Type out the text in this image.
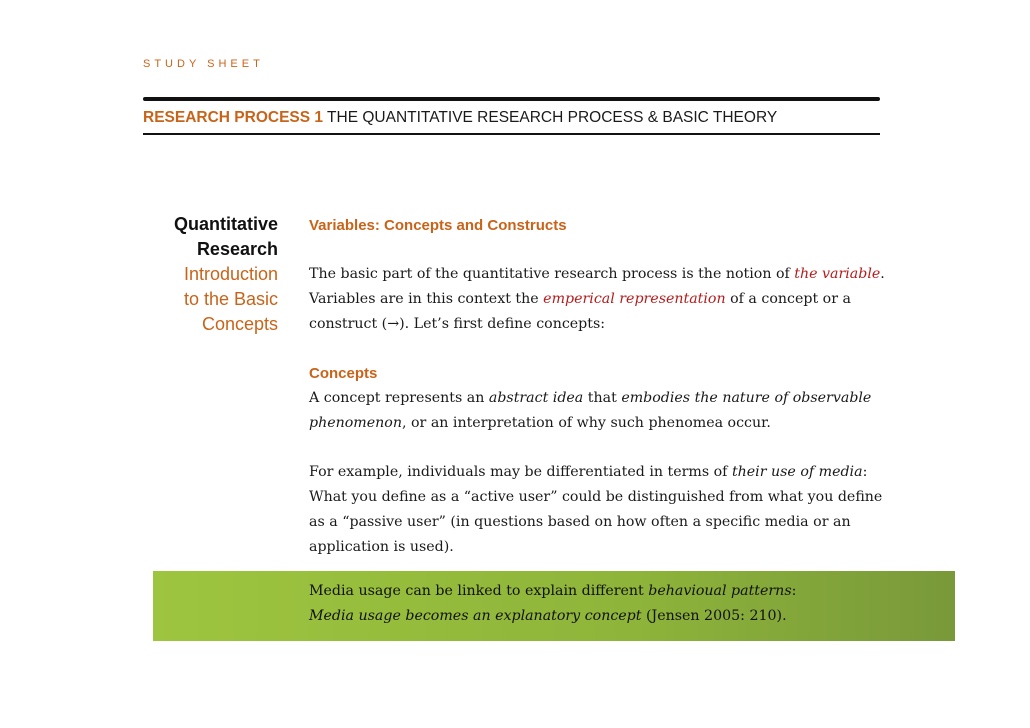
STUDY SHEET
RESEARCH PROCESS 1 THE QUANTITATIVE RESEARCH PROCESS & BASIC THEORY
Quantitative
Research
Introduction
to the Basic
Concepts
Variables: Concepts and Constructs

The basic part of the quantitative research process is the notion of the variable. Variables are in this context the emperical representation of a concept or a construct (→). Let’s first define concepts:

Concepts

A concept represents an abstract idea that embodies the nature of observable phenomenon, or an interpretation of why such phenomea occur.

For example, individuals may be differentiated in terms of their use of media: What you define as a “active user” could be distinguished from what you define as a “passive user” (in questions based on how often a specific media or an application is used).

Media usage can be linked to explain different behavioual patterns:
Media usage becomes an explanatory concept (Jensen 2005: 210).
